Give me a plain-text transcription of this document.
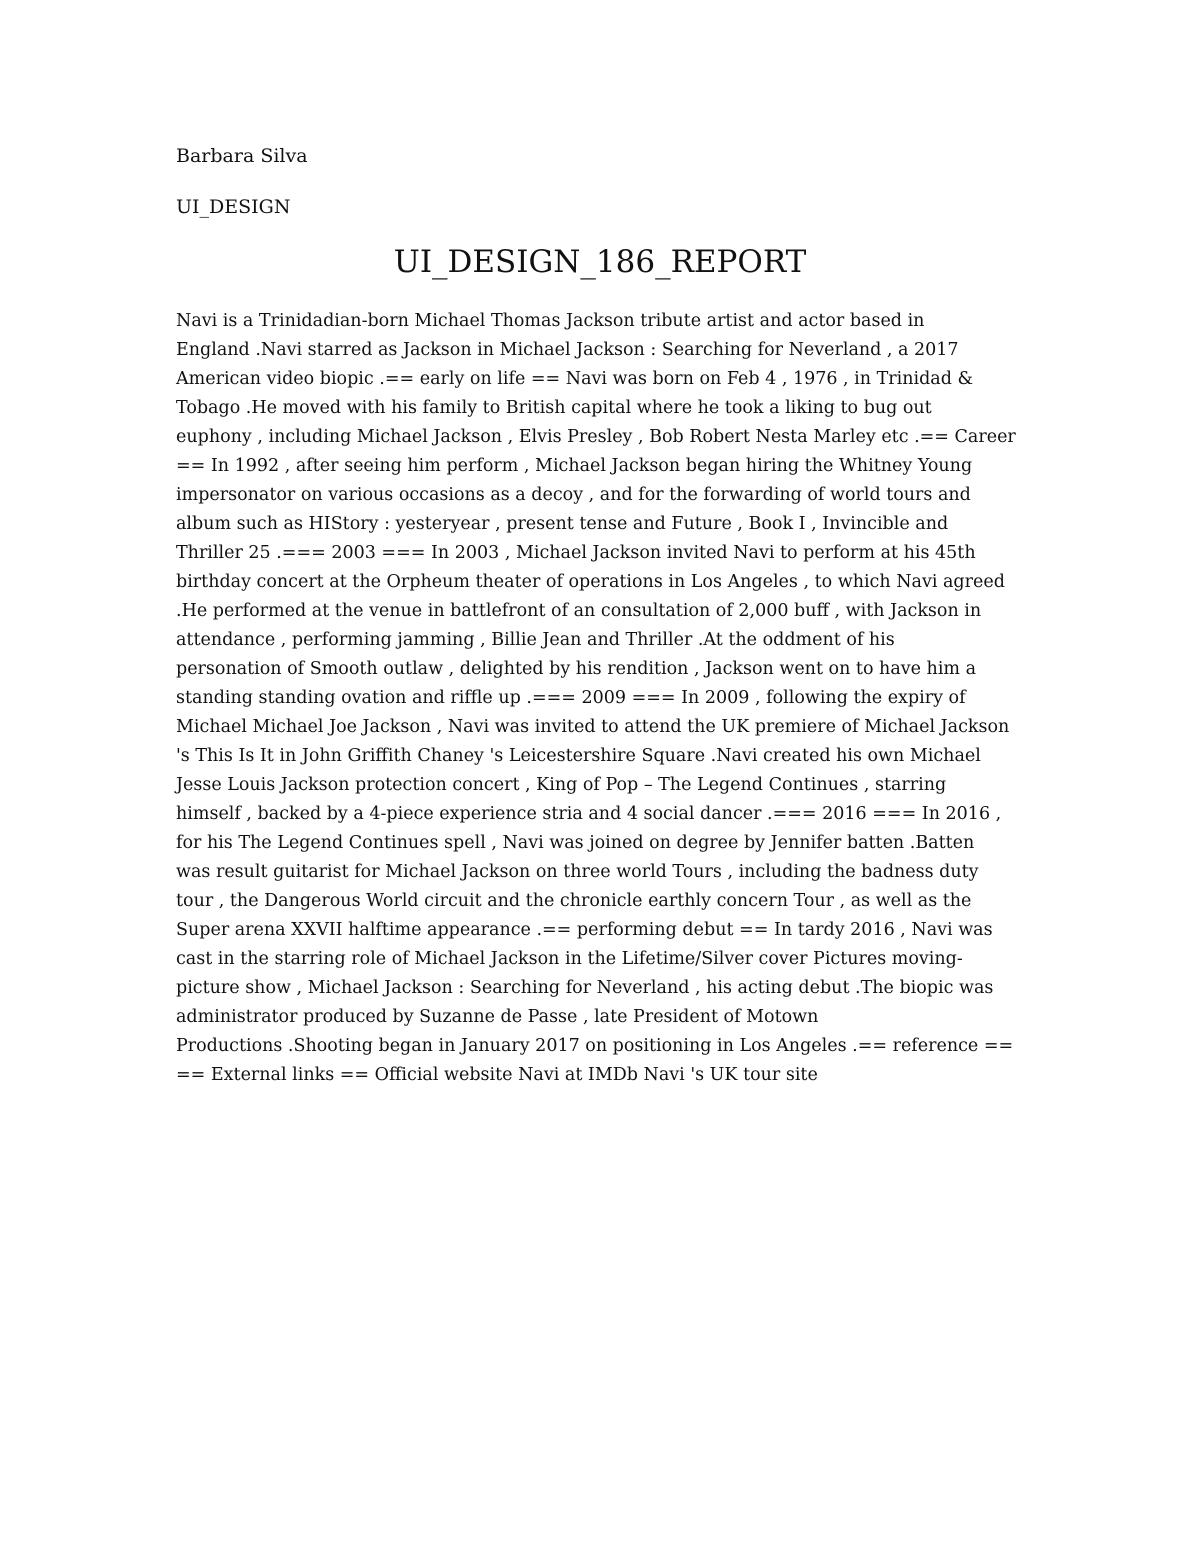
Barbara Silva
UI_DESIGN
UI_DESIGN_186_REPORT
Navi is a Trinidadian-born Michael Thomas Jackson tribute artist and actor based in
England .Navi starred as Jackson in Michael Jackson : Searching for Neverland , a 2017
American video biopic .== early on life == Navi was born on Feb 4 , 1976 , in Trinidad &
Tobago .He moved with his family to British capital where he took a liking to bug out
euphony , including Michael Jackson , Elvis Presley , Bob Robert Nesta Marley etc .== Career
== In 1992 , after seeing him perform , Michael Jackson began hiring the Whitney Young
impersonator on various occasions as a decoy , and for the forwarding of world tours and
album such as HIStory : yesteryear , present tense and Future , Book I , Invincible and
Thriller 25 .=== 2003 === In 2003 , Michael Jackson invited Navi to perform at his 45th
birthday concert at the Orpheum theater of operations in Los Angeles , to which Navi agreed
.He performed at the venue in battlefront of an consultation of 2,000 buff , with Jackson in
attendance , performing jamming , Billie Jean and Thriller .At the oddment of his
personation of Smooth outlaw , delighted by his rendition , Jackson went on to have him a
standing standing ovation and riffle up .=== 2009 === In 2009 , following the expiry of
Michael Michael Joe Jackson , Navi was invited to attend the UK premiere of Michael Jackson
's This Is It in John Griffith Chaney 's Leicestershire Square .Navi created his own Michael
Jesse Louis Jackson protection concert , King of Pop – The Legend Continues , starring
himself , backed by a 4-piece experience stria and 4 social dancer .=== 2016 === In 2016 ,
for his The Legend Continues spell , Navi was joined on degree by Jennifer batten .Batten
was result guitarist for Michael Jackson on three world Tours , including the badness duty
tour , the Dangerous World circuit and the chronicle earthly concern Tour , as well as the
Super arena XXVII halftime appearance .== performing debut == In tardy 2016 , Navi was
cast in the starring role of Michael Jackson in the Lifetime/Silver cover Pictures moving-
picture show , Michael Jackson : Searching for Neverland , his acting debut .The biopic was
administrator produced by Suzanne de Passe , late President of Motown
Productions .Shooting began in January 2017 on positioning in Los Angeles .== reference ==
== External links == Official website Navi at IMDb Navi 's UK tour site
